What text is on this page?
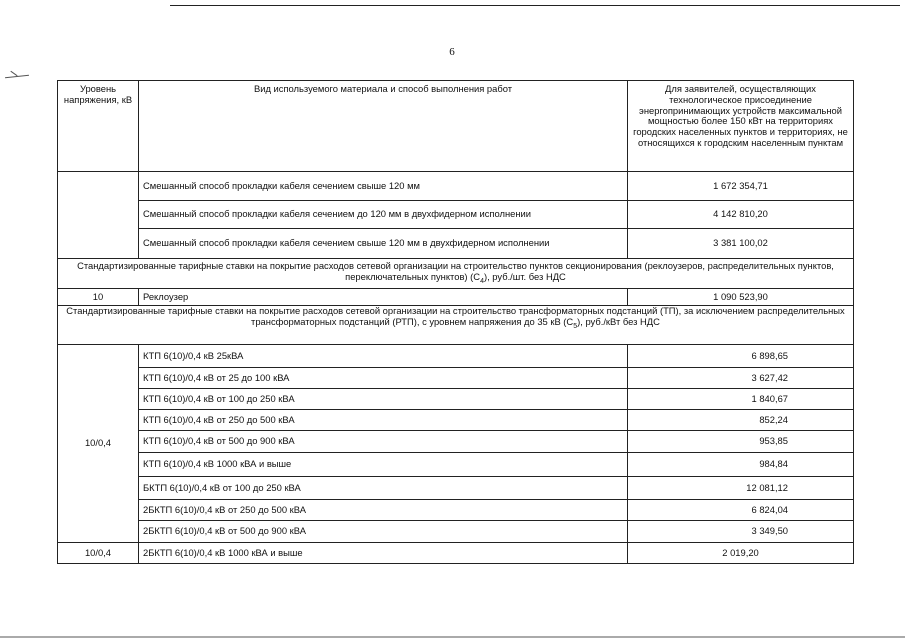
6
Уровень напряжения, кВ	Вид используемого материала и способ выполнения работ	Для заявителей, осуществляющих технологическое присоединение энергопринимающих устройств максимальной мощностью более 150 кВт на территориях городских населенных пунктов и территориях, не относящихся к городским населенным пунктам
	Смешанный способ прокладки кабеля сечением свыше 120 мм	1 672 354,71
	Смешанный способ прокладки кабеля сечением до 120 мм в двухфидерном исполнении	4 142 810,20
	Смешанный способ прокладки кабеля сечением свыше 120 мм в двухфидерном исполнении	3 381 100,02
Стандартизированные тарифные ставки на покрытие расходов сетевой организации на строительство пунктов секционирования (реклоузеров, распределительных пунктов, переключательных пунктов) $(C_4)$, руб./шт. без НДС		
10	Реклоузер	1 090 523,90
Стандартизированные тарифные ставки на покрытие расходов сетевой организации на строительство трансформаторных подстанций (ТП), за исключением распределительных трансформаторных подстанций (РТП), с уровнем напряжения до 35 кВ $(C_5)$, руб./кВт без НДС		
10/0,4	КТП 6(10)/0,4 кВ 25кВА	6 898,65
	КТП 6(10)/0,4 кВ от 25 до 100 кВА	3 627,42
	КТП 6(10)/0,4 кВ от 100 до 250 кВА	1 840,67
	КТП 6(10)/0,4 кВ от 250 до 500 кВА	852,24
	КТП 6(10)/0,4 кВ от 500 до 900 кВА	953,85
	КТП 6(10)/0,4 кВ 1000 кВА и выше	984,84
	БКТП 6(10)/0,4 кВ от 100 до 250 кВА	12 081,12
	2БКТП 6(10)/0,4 кВ от 250 до 500 кВА	6 824,04
	2БКТП 6(10)/0,4 кВ от 500 до 900 кВА	3 349,50
10/0,4	2БКТП 6(10)/0,4 кВ 1000 кВА и выше	2 019,20
